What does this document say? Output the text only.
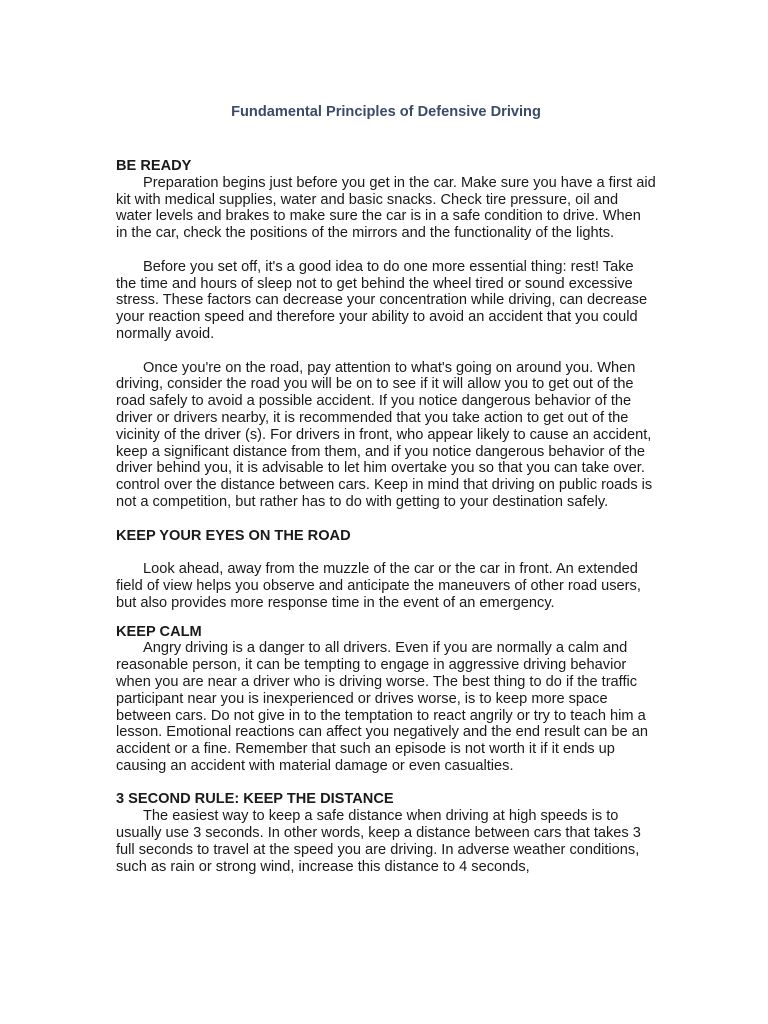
Fundamental Principles of Defensive Driving

BE READY

Preparation begins just before you get in the car. Make sure you have a first aid kit with medical supplies, water and basic snacks. Check tire pressure, oil and water levels and brakes to make sure the car is in a safe condition to drive. When in the car, check the positions of the mirrors and the functionality of the lights.

Before you set off, it's a good idea to do one more essential thing: rest! Take the time and hours of sleep not to get behind the wheel tired or sound excessive stress. These factors can decrease your concentration while driving, can decrease your reaction speed and therefore your ability to avoid an accident that you could normally avoid.

Once you're on the road, pay attention to what's going on around you. When driving, consider the road you will be on to see if it will allow you to get out of the road safely to avoid a possible accident. If you notice dangerous behavior of the driver or drivers nearby, it is recommended that you take action to get out of the vicinity of the driver (s). For drivers in front, who appear likely to cause an accident, keep a significant distance from them, and if you notice dangerous behavior of the driver behind you, it is advisable to let him overtake you so that you can take over. control over the distance between cars. Keep in mind that driving on public roads is not a competition, but rather has to do with getting to your destination safely.

KEEP YOUR EYES ON THE ROAD

Look ahead, away from the muzzle of the car or the car in front. An extended field of view helps you observe and anticipate the maneuvers of other road users, but also provides more response time in the event of an emergency.

KEEP CALM

Angry driving is a danger to all drivers. Even if you are normally a calm and reasonable person, it can be tempting to engage in aggressive driving behavior when you are near a driver who is driving worse. The best thing to do if the traffic participant near you is inexperienced or drives worse, is to keep more space between cars. Do not give in to the temptation to react angrily or try to teach him a lesson. Emotional reactions can affect you negatively and the end result can be an accident or a fine. Remember that such an episode is not worth it if it ends up causing an accident with material damage or even casualties.

3 SECOND RULE: KEEP THE DISTANCE

The easiest way to keep a safe distance when driving at high speeds is to usually use 3 seconds. In other words, keep a distance between cars that takes 3 full seconds to travel at the speed you are driving. In adverse weather conditions, such as rain or strong wind, increase this distance to 4 seconds,
